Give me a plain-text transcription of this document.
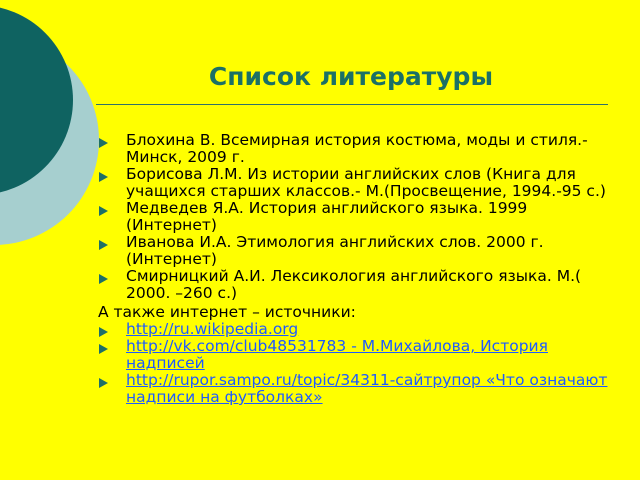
Список литературы
Блохина В. Всемирная история костюма, моды и стиля.- Минск, 2009 г.
Борисова Л.М. Из истории английских слов (Книга для учащихся старших классов.- М.(Просвещение, 1994.-95 с.)
Медведев Я.А. История английского языка. 1999 (Интернет)
Иванова И.А. Этимология английских слов. 2000 г. (Интернет)
Смирницкий А.И. Лексикология английского языка. М.( 2000. –260 с.)

А также интернет – источники:

http://ru.wikipedia.org
http://vk.com/club48531783 - М.Михайлова, История надписей
http://rupor.sampo.ru/topic/34311-сайтрупор «Что означают надписи на футболках»
